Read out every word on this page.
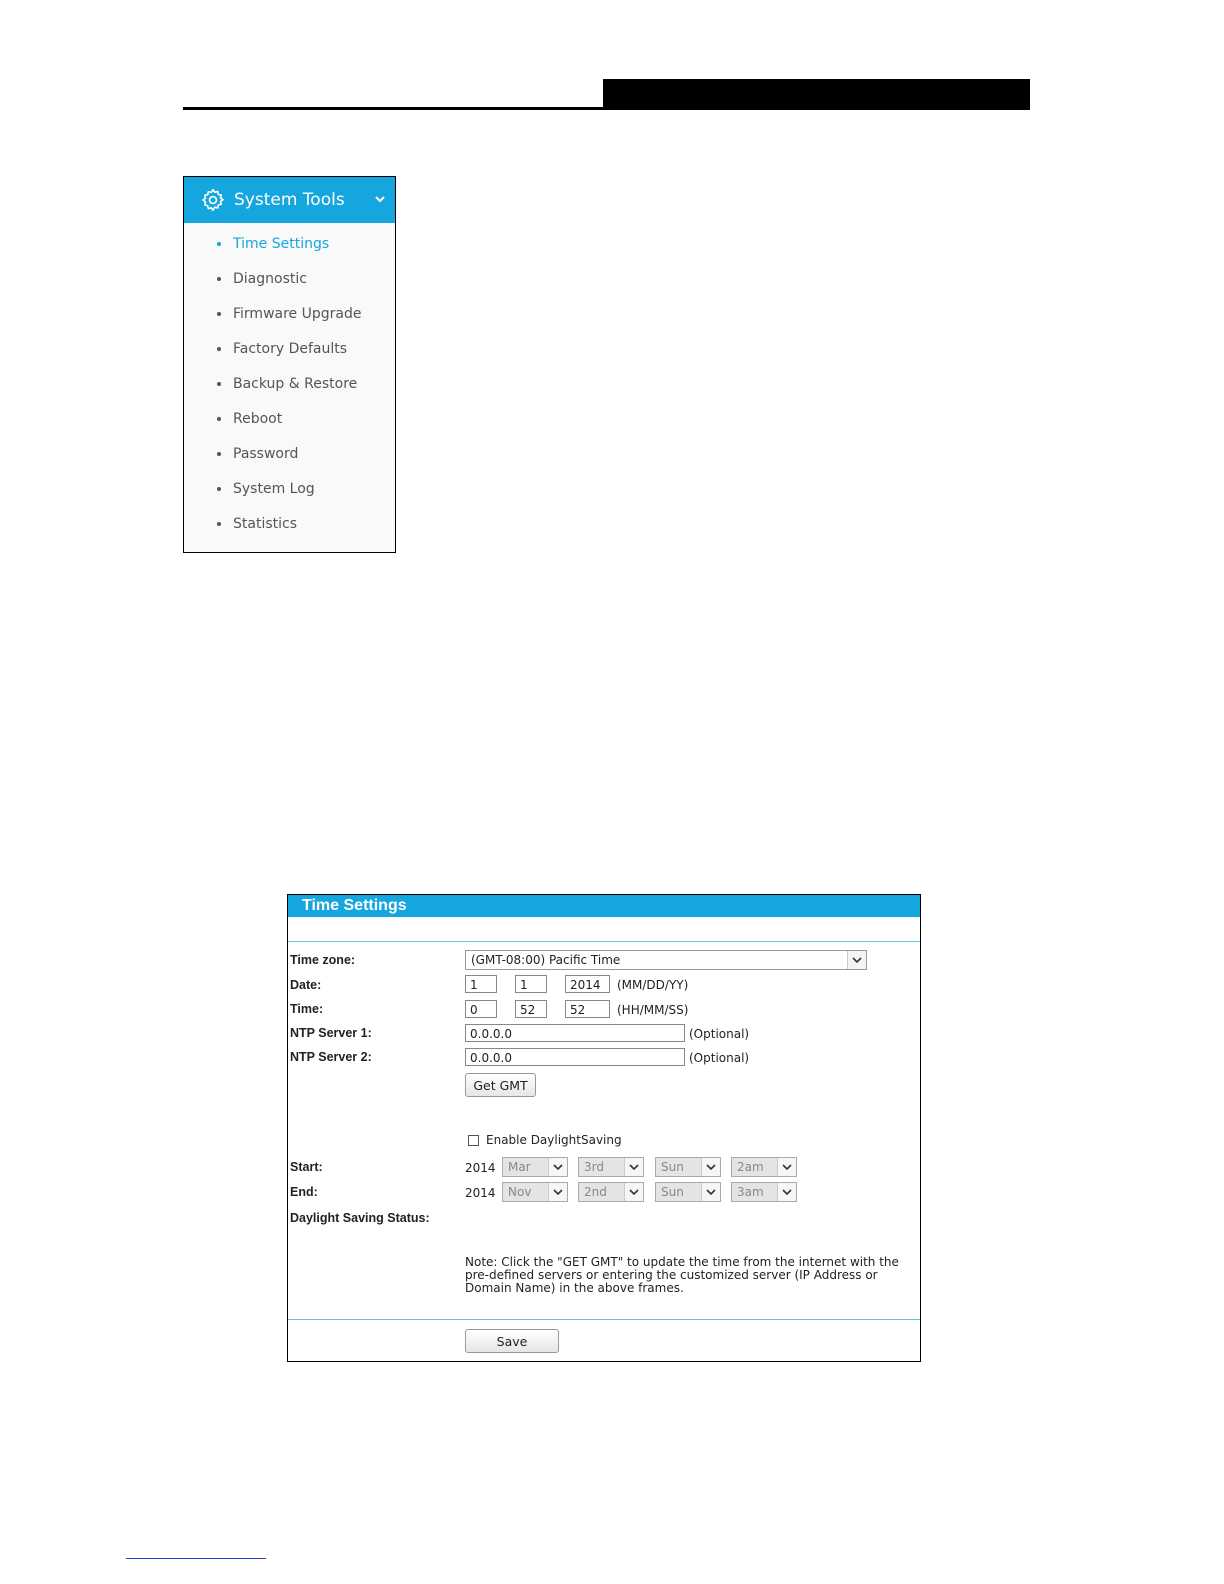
System Tools
Time Settings
Diagnostic
Firmware Upgrade
Factory Defaults
Backup & Restore
Reboot
Password
System Log
Statistics
Time Settings
Time zone:	(GMT-08:00) Pacific Time
Date:	1	1	2014	(MM/DD/YY)
Time:	0	52	52	(HH/MM/SS)
NTP Server 1:	0.0.0.0	(Optional)
NTP Server 2:	0.0.0.0	(Optional)
Get GMT
Enable DaylightSaving
Start:	2014	Mar	3rd	Sun	2am
End:	2014	Nov	2nd	Sun	3am
Daylight Saving Status:
Note: Click the "GET GMT" to update the time from the internet with the pre-defined servers or entering the customized server (IP Address or Domain Name) in the above frames.
Save
